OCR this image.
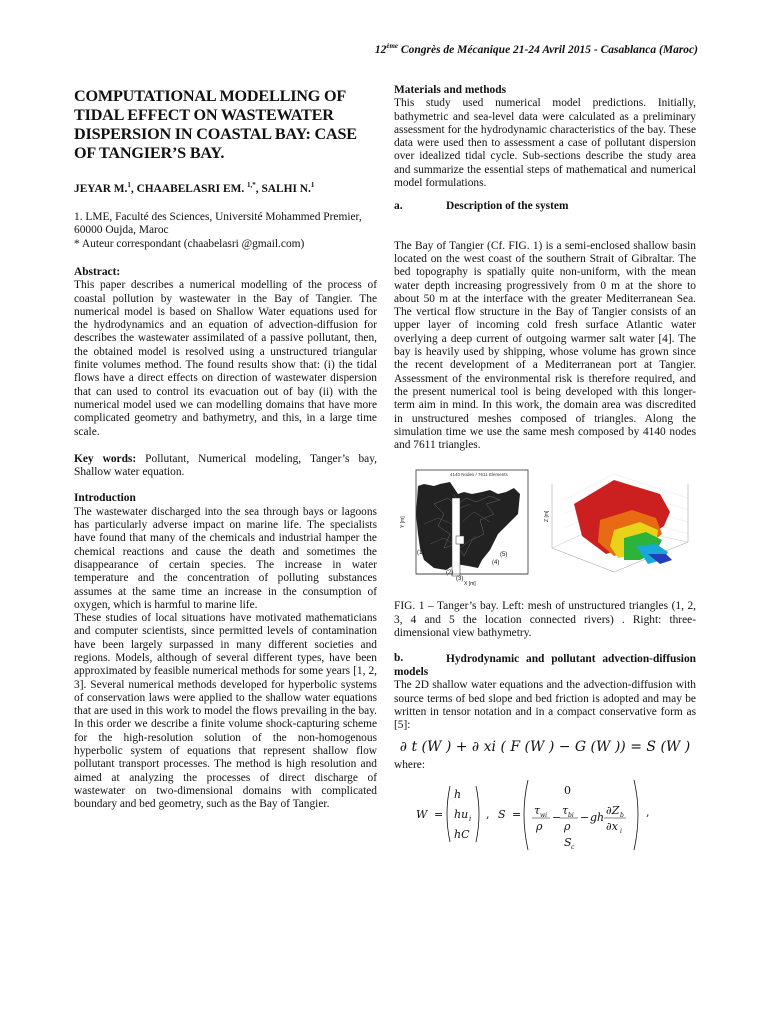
12ème Congrès de Mécanique 21-24 Avril 2015 - Casablanca (Maroc)
COMPUTATIONAL MODELLING OF TIDAL EFFECT ON WASTEWATER DISPERSION IN COASTAL BAY: CASE OF TANGIER’S BAY.

JEYAR M.$^1$, CHAABELASRI EM. $^{1,*}$, SALHI N.$^1$

1. LME, Faculté des Sciences, Université Mohammed Premier, 60000 Oujda, Maroc
* Auteur correspondant (chaabelasri @gmail.com)

Abstract:

This paper describes a numerical modelling of the process of coastal pollution by wastewater in the Bay of Tangier. The numerical model is based on Shallow Water equations used for the hydrodynamics and an equation of advection-diffusion for describes the wastewater assimilated of a passive pollutant, then, the obtained model is resolved using a unstructured triangular finite volumes method. The found results show that: (i) the tidal flows have a direct effects on direction of wastewater dispersion that can used to control its evacuation out of bay (ii) with the numerical model used we can modelling domains that have more complicated geometry and bathymetry, and this, in a large time scale.

Key words: Pollutant, Numerical modeling, Tanger’s bay, Shallow water equation.

Introduction

The wastewater discharged into the sea through bays or lagoons has particularly adverse impact on marine life. The specialists have found that many of the chemicals and industrial hamper the chemical reactions and cause the death and sometimes the disappearance of certain species. The increase in water temperature and the concentration of polluting substances assumes at the same time an increase in the consumption of oxygen, which is harmful to marine life.

These studies of local situations have motivated mathematicians and computer scientists, since permitted levels of contamination have been largely surpassed in many different societies and regions. Models, although of several different types, have been approximated by feasible numerical methods for some years [1, 2, 3]. Several numerical methods developed for hyperbolic systems of conservation laws were applied to the shallow water equations that are used in this work to model the flows prevailing in the bay. In this order we describe a finite volume shock-capturing scheme for the high-resolution solution of the non-homogenous hyperbolic system of equations that represent shallow flow pollutant transport processes. The method is high resolution and aimed at analyzing the processes of direct discharge of wastewater on two-dimensional domains with complicated boundary and bed geometry, such as the Bay of Tangier.

Materials and methods

This study used numerical model predictions. Initially, bathymetric and sea-level data were calculated as a preliminary assessment for the hydrodynamic characteristics of the bay. These data were used then to assessment a case of pollutant dispersion over idealized tidal cycle. Sub-sections describe the study area and summarize the essential steps of mathematical and numerical model formulations.

a.	Description of the system

The Bay of Tangier (Cf. FIG. 1) is a semi-enclosed shallow basin located on the west coast of the southern Strait of Gibraltar. The bed topography is spatially quite non-uniform, with the mean water depth increasing progressively from 0 m at the shore to about 50 m at the interface with the greater Mediterranean Sea. The vertical flow structure in the Bay of Tangier consists of an upper layer of incoming cold fresh surface Atlantic water overlying a deep current of outgoing warmer salt water [4]. The bay is heavily used by shipping, whose volume has grown since the recent development of a Mediterranean port at Tangier. Assessment of the environmental risk is therefore required, and the present numerical tool is being developed with this longer-term aim in mind. In this work, the domain area was discredited in unstructured meshes composed of triangles. Along the simulation time we use the same mesh composed by 4140 nodes and 7611 triangles.

4140 Nodes / 7611 Elements
(1)
(2)
(3)
(4)
(5)
Y [m]
X [m]
Z [m]

FIG. 1 – Tanger’s bay. Left: mesh of unstructured triangles (1, 2, 3, 4 and 5 the location connected rivers) . Right: three-dimensional view bathymetry.

b.	Hydrodynamic and pollutant advection-diffusion models

The 2D shallow water equations and the advection-diffusion with source terms of bed slope and bed friction is adopted and may be written in tensor notation and in a compact conservative form as [5]:

∂ t (W ) + ∂ xi ( F (W ) − G (W )) = S (W )

where:

W =
h
hu i
hC
, S =
0
τ wi
ρ
−
τ bi
ρ
− gh
∂Z b
∂x i
S c
,
